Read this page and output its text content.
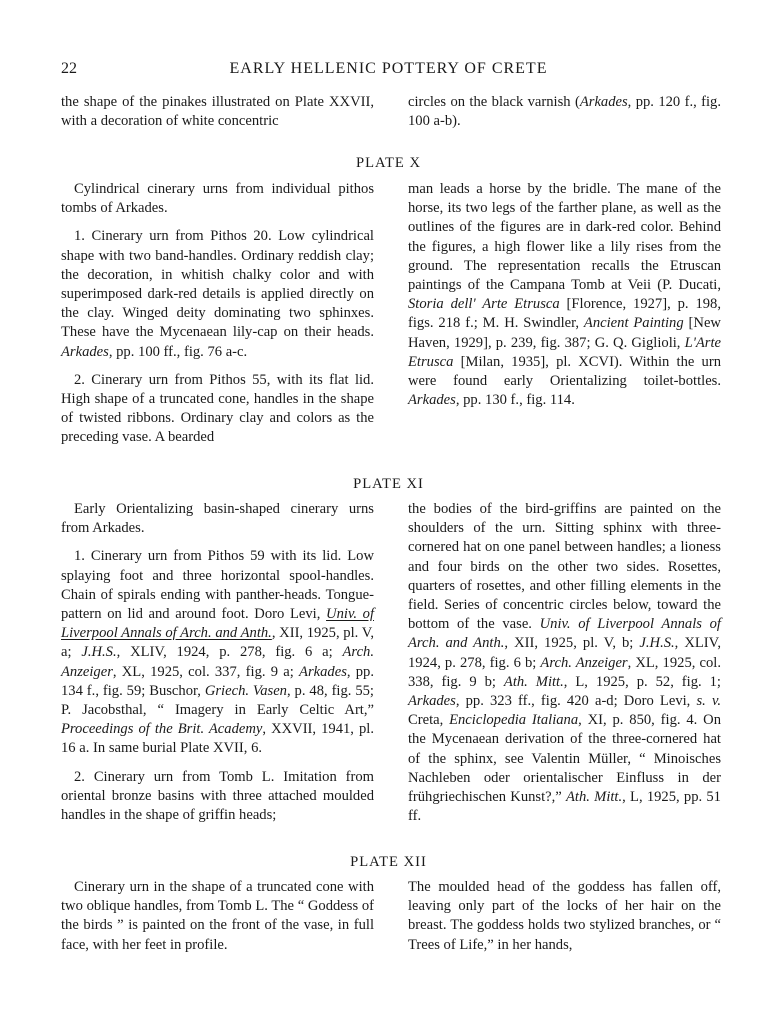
22	EARLY HELLENIC POTTERY OF CRETE

the shape of the pinakes illustrated on Plate XXVII, with a decoration of white concentric

circles on the black varnish (Arkades, pp. 120 f., fig. 100 a-b).

PLATE X

Cylindrical cinerary urns from individual pithos tombs of Arkades.

1. Cinerary urn from Pithos 20. Low cylindrical shape with two band-handles. Ordinary reddish clay; the decoration, in whitish chalky color and with superimposed dark-red details is applied directly on the clay. Winged deity dominating two sphinxes. These have the Mycenaean lily-cap on their heads. Arkades, pp. 100 ff., fig. 76 a-c.

2. Cinerary urn from Pithos 55, with its flat lid. High shape of a truncated cone, handles in the shape of twisted ribbons. Ordinary clay and colors as the preceding vase. A bearded

man leads a horse by the bridle. The mane of the horse, its two legs of the farther plane, as well as the outlines of the figures are in dark-red color. Behind the figures, a high flower like a lily rises from the ground. The representation recalls the Etruscan paintings of the Campana Tomb at Veii (P. Ducati, Storia dell' Arte Etrusca [Florence, 1927], p. 198, figs. 218 f.; M. H. Swindler, Ancient Painting [New Haven, 1929], p. 239, fig. 387; G. Q. Giglioli, L'Arte Etrusca [Milan, 1935], pl. XCVI). Within the urn were found early Orientalizing toilet-bottles. Arkades, pp. 130 f., fig. 114.

PLATE XI

Early Orientalizing basin-shaped cinerary urns from Arkades.

1. Cinerary urn from Pithos 59 with its lid. Low splaying foot and three horizontal spool-handles. Chain of spirals ending with panther-heads. Tongue-pattern on lid and around foot. Doro Levi, Univ. of Liverpool Annals of Arch. and Anth., XII, 1925, pl. V, a; J.H.S., XLIV, 1924, p. 278, fig. 6 a; Arch. Anzeiger, XL, 1925, col. 337, fig. 9 a; Arkades, pp. 134 f., fig. 59; Buschor, Griech. Vasen, p. 48, fig. 55; P. Jacobsthal, “ Imagery in Early Celtic Art,” Proceedings of the Brit. Academy, XXVII, 1941, pl. 16 a. In same burial Plate XVII, 6.

2. Cinerary urn from Tomb L. Imitation from oriental bronze basins with three attached moulded handles in the shape of griffin heads;

the bodies of the bird-griffins are painted on the shoulders of the urn. Sitting sphinx with three-cornered hat on one panel between handles; a lioness and four birds on the other two sides. Rosettes, quarters of rosettes, and other filling elements in the field. Series of concentric circles below, toward the bottom of the vase. Univ. of Liverpool Annals of Arch. and Anth., XII, 1925, pl. V, b; J.H.S., XLIV, 1924, p. 278, fig. 6 b; Arch. Anzeiger, XL, 1925, col. 338, fig. 9 b; Ath. Mitt., L, 1925, p. 52, fig. 1; Arkades, pp. 323 ff., fig. 420 a-d; Doro Levi, s. v. Creta, Enciclopedia Italiana, XI, p. 850, fig. 4. On the Mycenaean derivation of the three-cornered hat of the sphinx, see Valentin Müller, “ Minoisches Nachleben oder orientalischer Einfluss in der frühgriechischen Kunst?,” Ath. Mitt., L, 1925, pp. 51 ff.

PLATE XII

Cinerary urn in the shape of a truncated cone with two oblique handles, from Tomb L. The “ Goddess of the birds ” is painted on the front of the vase, in full face, with her feet in profile.

The moulded head of the goddess has fallen off, leaving only part of the locks of her hair on the breast. The goddess holds two stylized branches, or “ Trees of Life,” in her hands,
